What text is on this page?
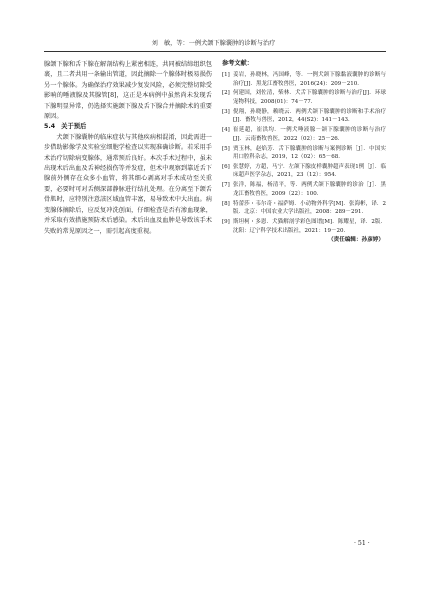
刘　敏，等：一例犬颌下腺囊肿的诊断与治疗

腺颌下腺和舌下腺在解剖结构上紧密相连，共同被结缔组织包裹，且二者共用一条输出管道，因此摘除一个腺体时极易损伤另一个腺体。为确保治疗效果减少复发风险，必须完整切除受影响的唾液腺及其腺管[8]，这正是本病例中虽然尚未发现舌下腺明显异常，仍选择实施颌下腺及舌下腺合并摘除术的重要原因。

5.4 关于预后

犬颌下腺囊肿的临床症状与其他疾病相混淆，因此需进一步借助影像学及实验室细胞学检查以实现准确诊断。若采用手术治疗切除病变腺体，通常预后良好。本次手术过程中，虽未出现术后出血及舌神经损伤等并发症，但术中观察到靠近舌下腺前外侧存在众多小血管，将其细心剥离对手术成功至关重要，必要时可对舌侧深部静脉进行结扎处理。在分离至下颌舌骨肌时，应特别注意該区域血管丰富，易导致术中大出血。病变腺体摘除后，应反复冲洗创面，仔细检查是否有渗血现象，并采取有效措施预防术后感染。术后出血及血肿是导致该手术失败的常见原因之一，需引起高度重视。

参考文献：

[1] 姜岩，孙晓林，冯国峰，等．一例犬颌下腺黏液囊肿的诊断与治疗[J]．黑龙江畜牧兽医，2016(24)：209－210．
[2] 何建国，刘佐清，柴林．犬舌下腺囊肿的诊断与治疗[J]．环球宠物科技，2008(01)：74－77．
[3] 倪翔，孙晓静，赖晓云．两例犬颌下腺囊肿的诊断和手术治疗[J]．畜牧与兽医，2012，44(S2)：141－143．
[4] 崔延超，崔洪均．一例犬唾液腺－颌下腺囊肿的诊断与治疗[J]．云南畜牧兽医，2022（02）：25－26．
[5] 贾玉林，赵焰芳．舌下腺囊肿的诊断与案例诊断［J］．中国实用口腔科杂志，2019，12（02）：65－68．
[6] 张慧婷，方超，马宁．左颌下腺皮样囊肿超声表现1例［J］．临床超声医学杂志，2021，23（12）：954．
[7] 张洋，陈福，杨清平，等．两例犬颌下腺囊肿的诊治［J］．黑龙江畜牧兽医，2009（22）：100．
[8] 特蕾莎・韦尔奇・福萨姆．小动物外科学[M]．张海彬，译．2版．北京：中国农业大学出版社，2008：289－291．
[9] 斯坦柯・多恩．犬猫解剖学彩色图谱[M]．陈耀星，译．2版．沈阳：辽宁科学技术出版社，2021：19－20．
（责任编辑：孙彦婷）
· 51 ·
